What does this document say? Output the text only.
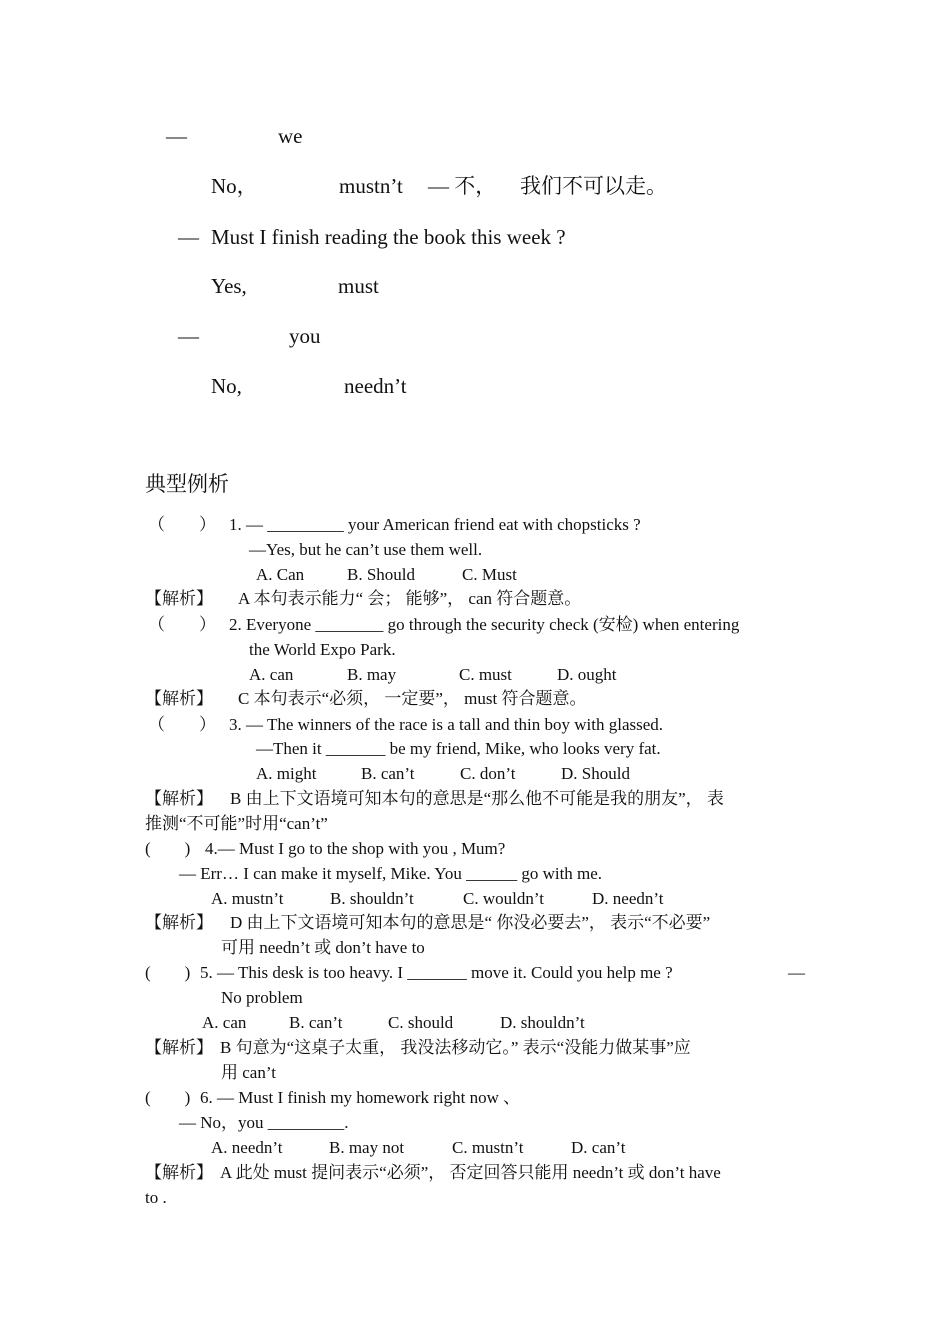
—	we
No，	mustn’t — 不， 我们不可以走。
— Must I finish reading the book this week ?
Yes,	must
—	you
No,	needn’t
典型例析
（　　） 1. — _________ your American friend eat with chopsticks ?
—Yes, but he can’t use them well.
A. Can	B. Should	C. Must
【解析】 A 本句表示能力“ 会； 能够”， can 符合题意。
（　　） 2. Everyone ________ go through the security check (安检) when entering
the World Expo Park.
A. can	B. may	C. must	D. ought
【解析】 C 本句表示“必须， 一定要”， must 符合题意。
（　　） 3. — The winners of the race is a tall and thin boy with glassed.
—Then it _______ be my friend, Mike, who looks very fat.
A. might	B. can’t	C. don’t	D. Should
【解析】 B 由上下文语境可知本句的意思是“那么他不可能是我的朋友”， 表
推测“不可能”时用“can’t”
(　　) 4.— Must I go to the shop with you , Mum?
— Err… I can make it myself, Mike. You ______ go with me.
A. mustn’t	B. shouldn’t	C. wouldn’t	D. needn’t
【解析】 D 由上下文语境可知本句的意思是“ 你没必要去”， 表示“不必要”
可用 needn’t 或 don’t have to
(　　) 5. — This desk is too heavy. I _______ move it. Could you help me ?	—
No problem
A. can	B. can’t	C. should	D. shouldn’t
【解析】 B 句意为“这桌子太重， 我没法移动它。” 表示“没能力做某事”应
用 can’t
(　　) 6. — Must I finish my homework right now 、
— No，you _________.
A. needn’t	B. may not	C. mustn’t	D. can’t
【解析】 A 此处 must 提问表示“必须”， 否定回答只能用 needn’t 或 don’t have
to .
